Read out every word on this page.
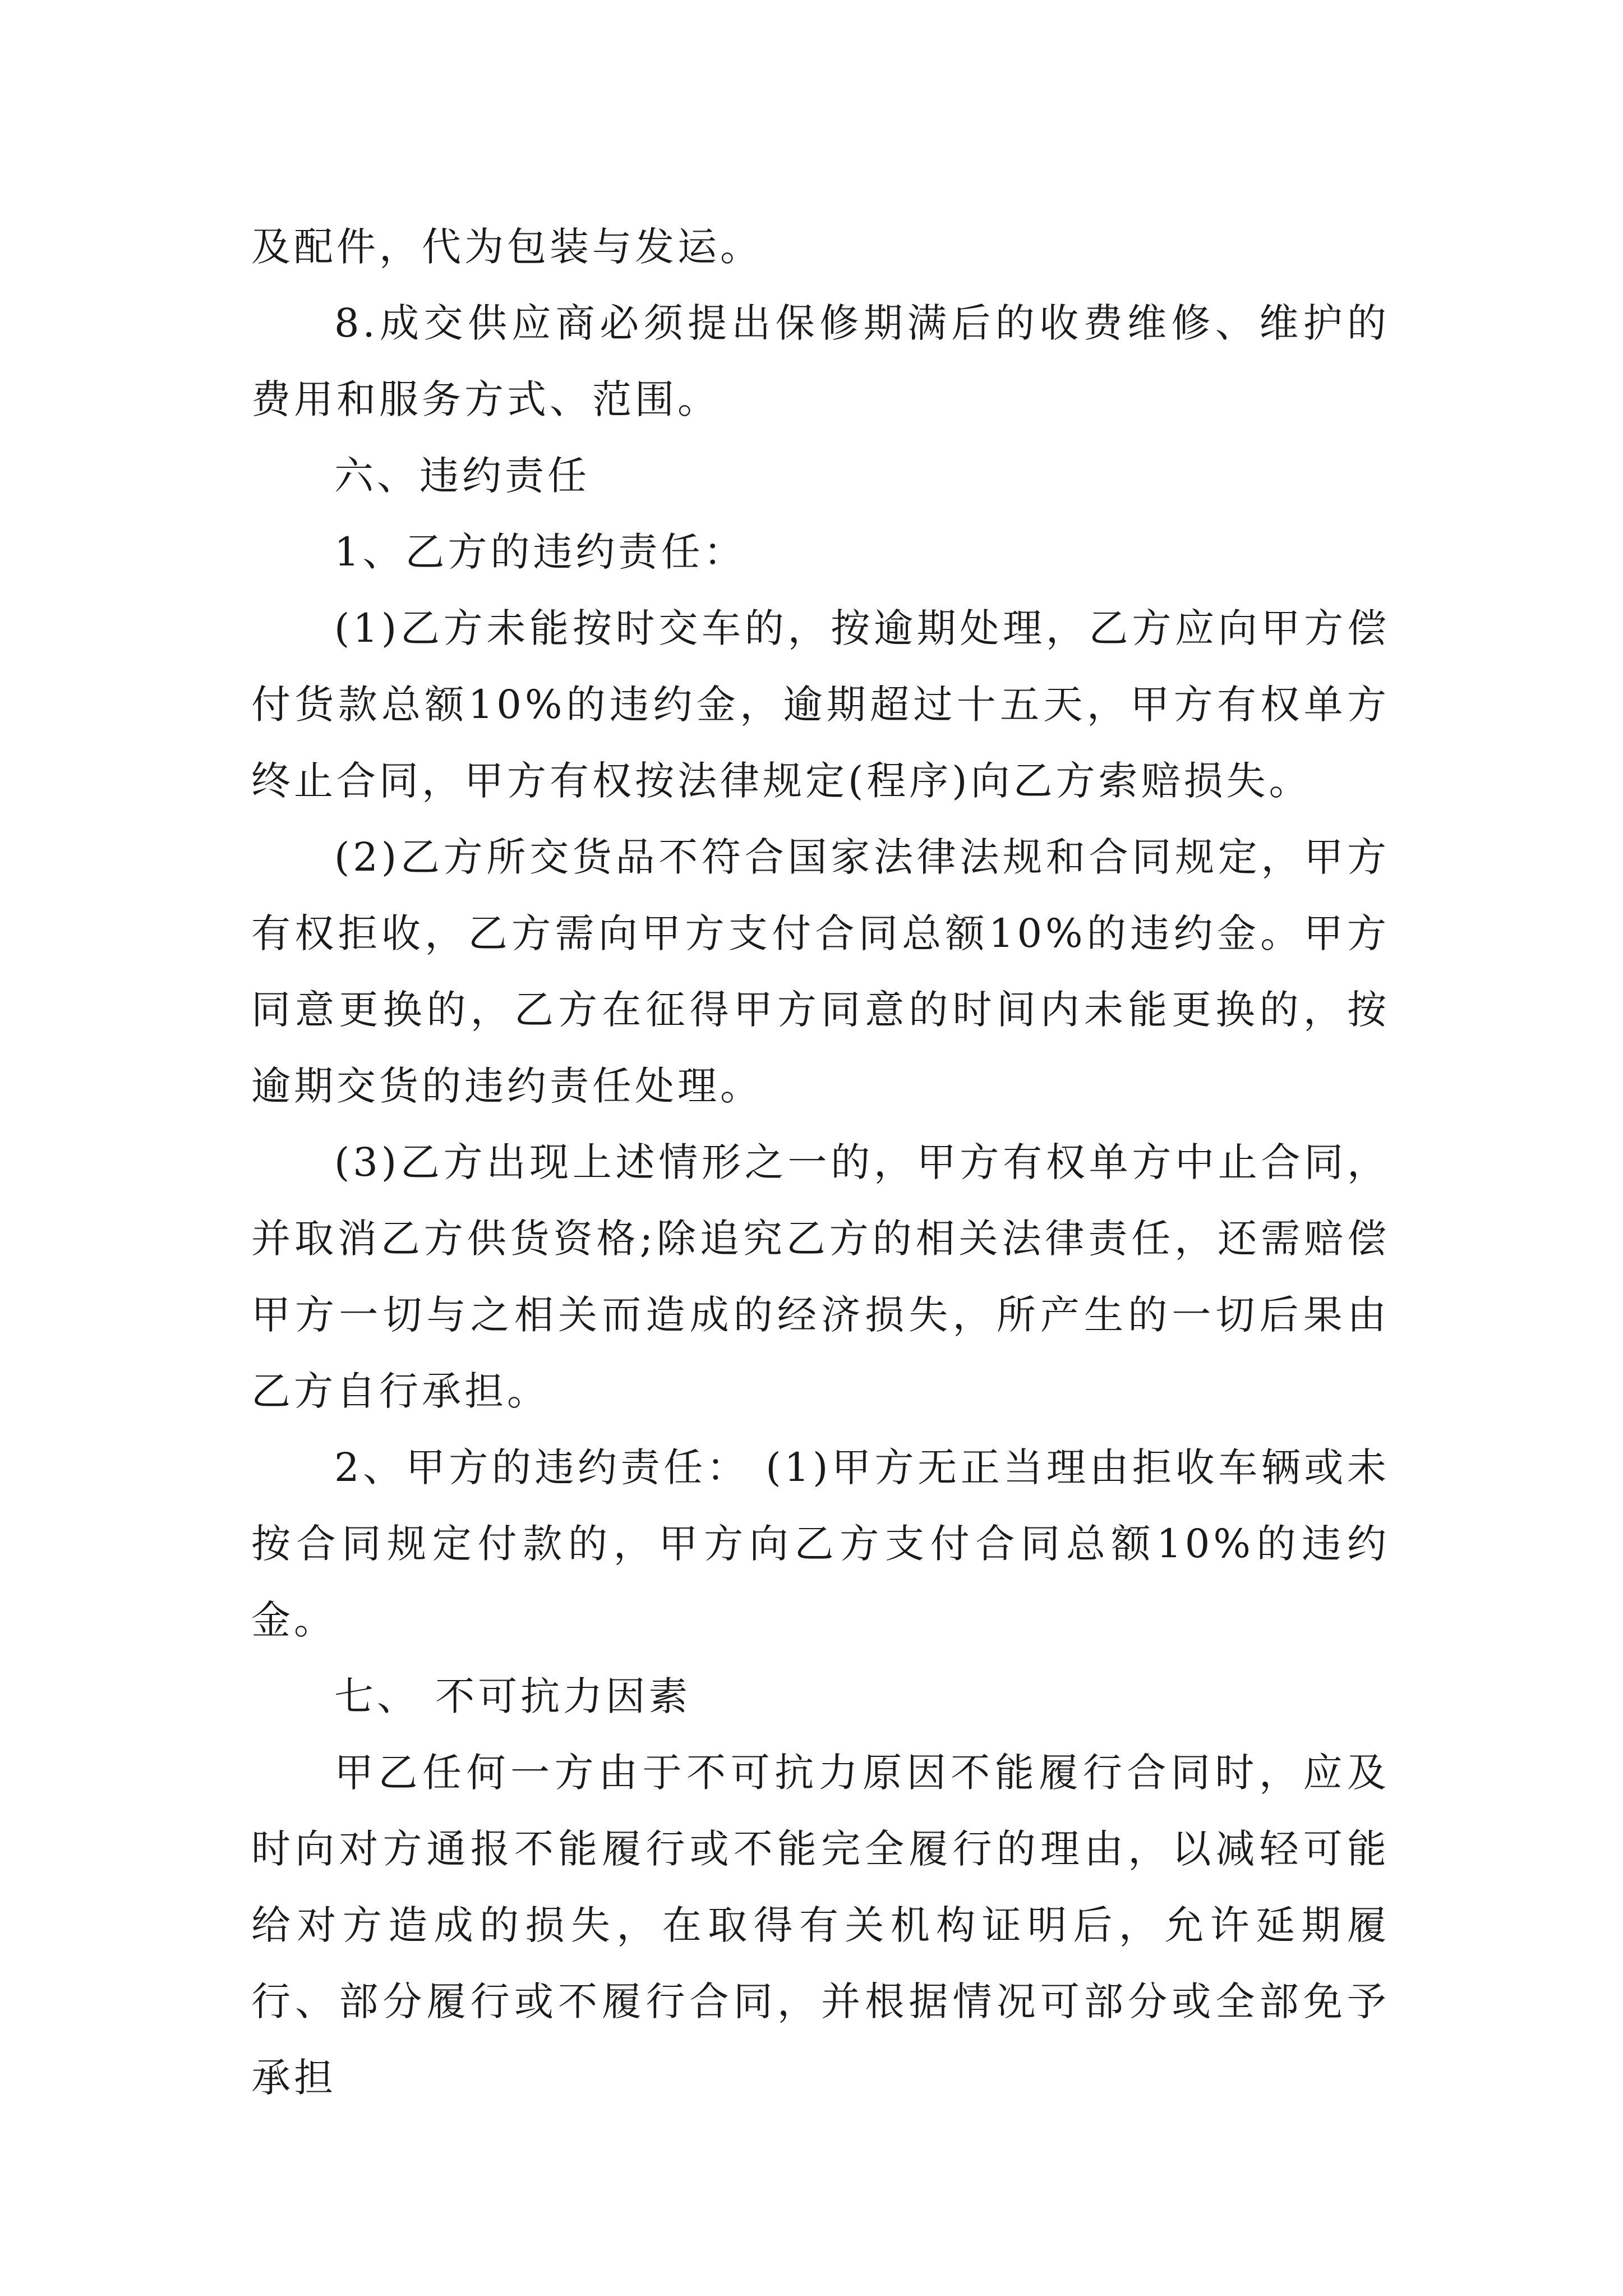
及配件，代为包装与发运。

8.成交供应商必须提出保修期满后的收费维修、维护的费用和服务方式、范围。

六、违约责任

1、乙方的违约责任：

(1)乙方未能按时交车的，按逾期处理，乙方应向甲方偿付货款总额10%的违约金，逾期超过十五天，甲方有权单方终止合同，甲方有权按法律规定(程序)向乙方索赔损失。

(2)乙方所交货品不符合国家法律法规和合同规定，甲方有权拒收，乙方需向甲方支付合同总额10%的违约金。甲方同意更换的，乙方在征得甲方同意的时间内未能更换的，按逾期交货的违约责任处理。

(3)乙方出现上述情形之一的，甲方有权单方中止合同，并取消乙方供货资格;除追究乙方的相关法律责任，还需赔偿甲方一切与之相关而造成的经济损失，所产生的一切后果由乙方自行承担。

2、甲方的违约责任： (1)甲方无正当理由拒收车辆或未按合同规定付款的，甲方向乙方支付合同总额10%的违约金。

七、 不可抗力因素

甲乙任何一方由于不可抗力原因不能履行合同时，应及时向对方通报不能履行或不能完全履行的理由，以减轻可能给对方造成的损失，在取得有关机构证明后，允许延期履行、部分履行或不履行合同，并根据情况可部分或全部免予承担
